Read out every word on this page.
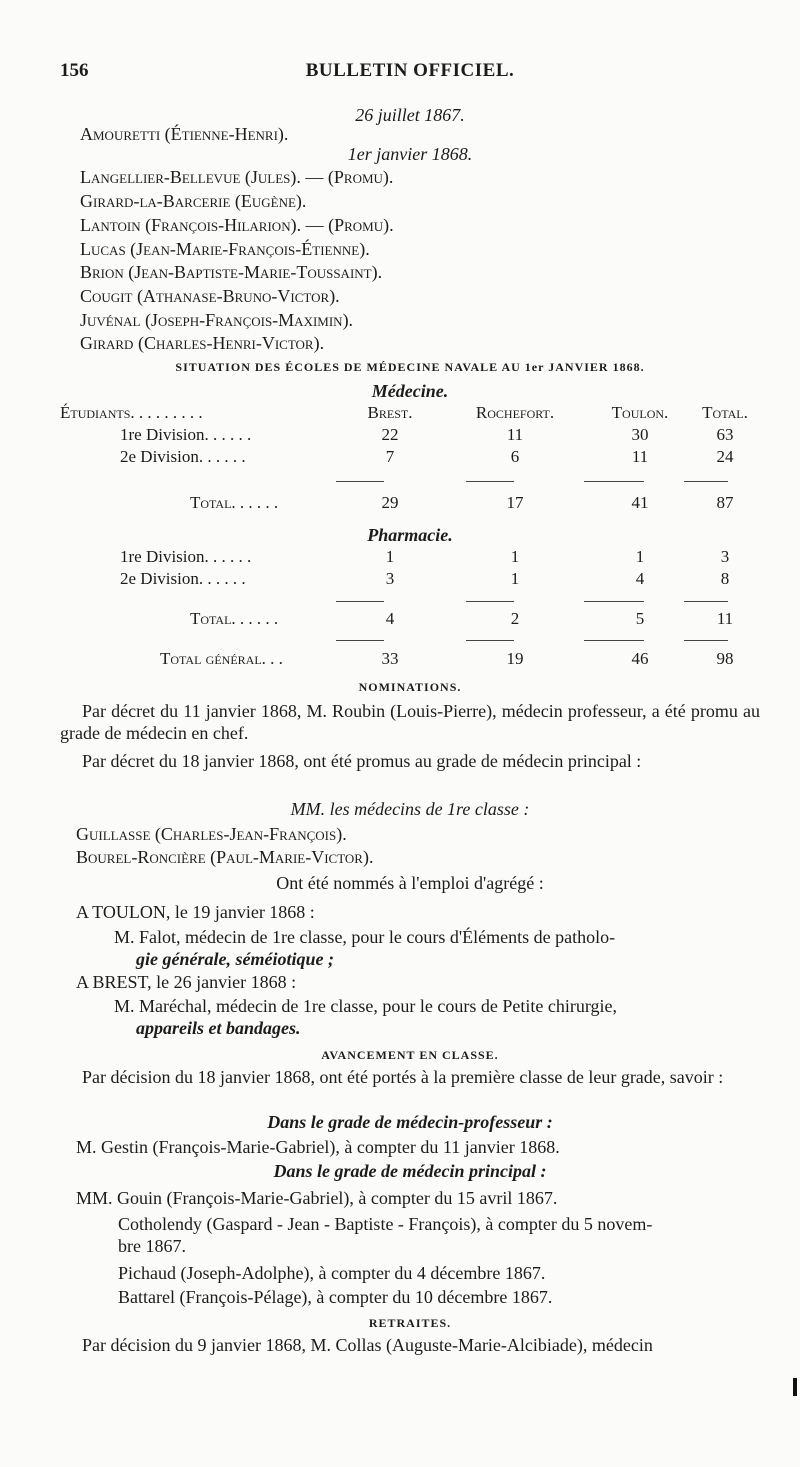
156	BULLETIN OFFICIEL.
26 juillet 1867.
Amouretti (Étienne-Henri).
1er janvier 1868.
Langellier-Bellevue (Jules). — (Promu).
Girard-la-Barcerie (Eugène).
Lantoin (François-Hilarion). — (Promu).
Lucas (Jean-Marie-François-Étienne).
Brion (Jean-Baptiste-Marie-Toussaint).
Cougit (Athanase-Bruno-Victor).
Juvénal (Joseph-François-Maximin).
Girard (Charles-Henri-Victor).
SITUATION DES ÉCOLES DE MÉDECINE NAVALE AU 1er JANVIER 1868.
Médecine.
Étudiants. . . . . . . . .	Brest.	Rochefort.	Toulon.	Total.
1re Division. . . . . .	22	11	30	63
2e Division. . . . . .	7	6	11	24
Total. . . . . .	29	17	41	87
Pharmacie.
1re Division. . . . . .	1	1	1	3
2e Division. . . . . .	3	1	4	8
Total. . . . . .	4	2	5	11
Total général. . .	33	19	46	98
NOMINATIONS.
Par décret du 11 janvier 1868, M. Roubin (Louis-Pierre), médecin professeur, a été promu au grade de médecin en chef.
Par décret du 18 janvier 1868, ont été promus au grade de médecin principal :
MM. les médecins de 1re classe :
Guillasse (Charles-Jean-François).
Bourel-Roncière (Paul-Marie-Victor).
Ont été nommés à l'emploi d'agrégé :
A TOULON, le 19 janvier 1868 :
M. Falot, médecin de 1re classe, pour le cours d'Éléments de patholo-
gie générale, séméiotique ;
A BREST, le 26 janvier 1868 :
M. Maréchal, médecin de 1re classe, pour le cours de Petite chirurgie,
appareils et bandages.
AVANCEMENT EN CLASSE.
Par décision du 18 janvier 1868, ont été portés à la première classe de leur grade, savoir :
Dans le grade de médecin-professeur :
M. Gestin (François-Marie-Gabriel), à compter du 11 janvier 1868.
Dans le grade de médecin principal :
MM. Gouin (François-Marie-Gabriel), à compter du 15 avril 1867.
Cotholendy (Gaspard - Jean - Baptiste - François), à compter du 5 novem-
bre 1867.
Pichaud (Joseph-Adolphe), à compter du 4 décembre 1867.
Battarel (François-Pélage), à compter du 10 décembre 1867.
RETRAITES.
Par décision du 9 janvier 1868, M. Collas (Auguste-Marie-Alcibiade), médecin
